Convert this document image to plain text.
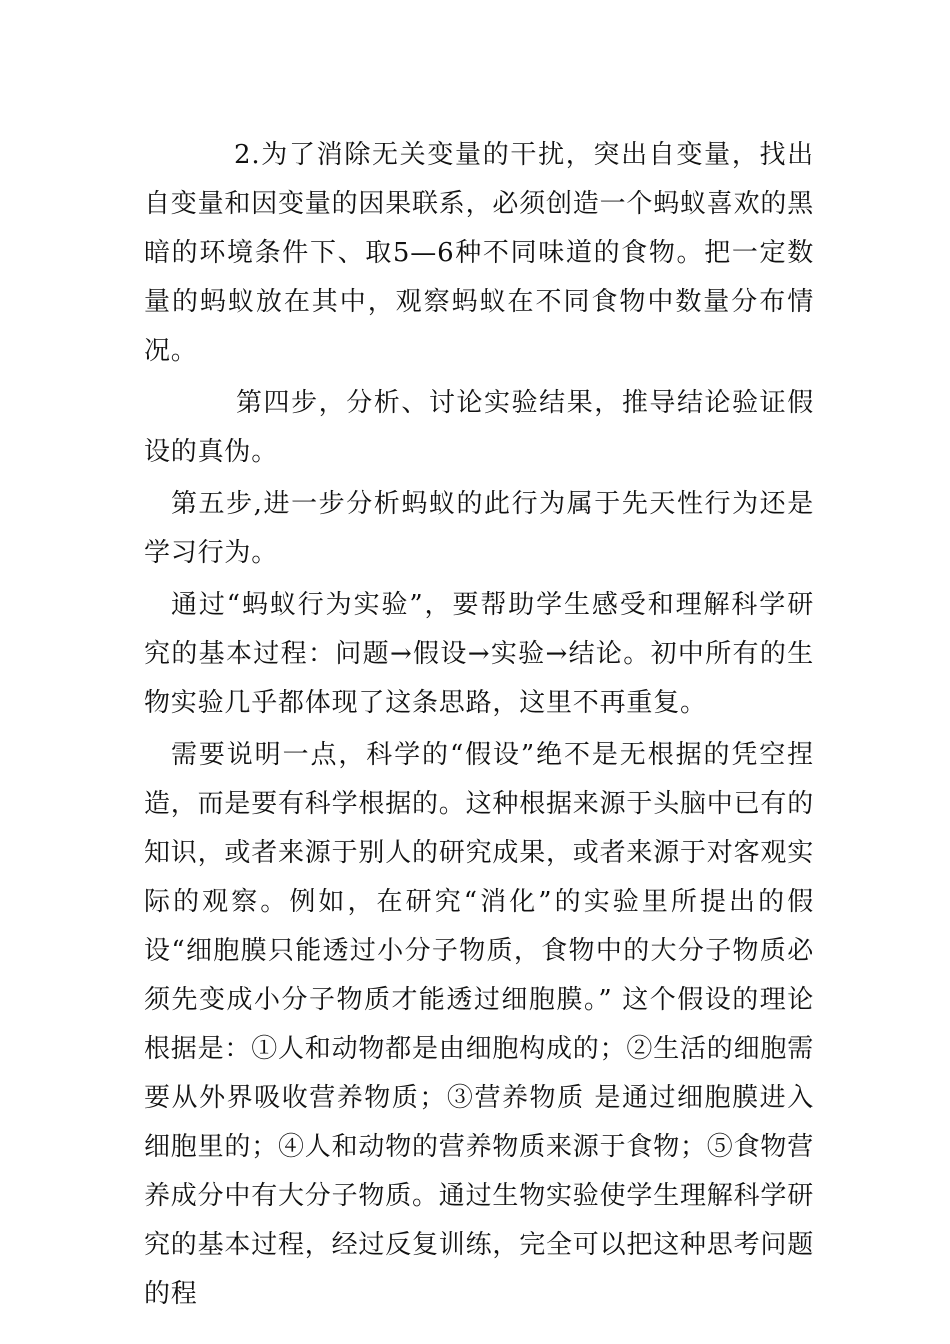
2.为了消除无关变量的干扰，突出自变量，找出自变量和因变量的因果联系，必须创造一个蚂蚁喜欢的黑暗的环境条件下、取5—6种不同味道的食物。把一定数量的蚂蚁放在其中，观察蚂蚁在不同食物中数量分布情况。

第四步，分析、讨论实验结果，推导结论验证假设的真伪。

第五步,进一步分析蚂蚁的此行为属于先天性行为还是学习行为。

通过“蚂蚁行为实验”，要帮助学生感受和理解科学研究的基本过程：问题→假设→实验→结论。初中所有的生物实验几乎都体现了这条思路，这里不再重复。

需要说明一点，科学的“假设”绝不是无根据的凭空捏造，而是要有科学根据的。这种根据来源于头脑中已有的知识，或者来源于别人的研究成果，或者来源于对客观实际的观察。例如，在研究“消化”的实验里所提出的假设“细胞膜只能透过小分子物质，食物中的大分子物质必须先变成小分子物质才能透过细胞膜。” 这个假设的理论根据是：①人和动物都是由细胞构成的；②生活的细胞需要从外界吸收营养物质；③营养物质 是通过细胞膜进入细胞里的；④人和动物的营养物质来源于食物；⑤食物营养成分中有大分子物质。通过生物实验使学生理解科学研究的基本过程，经过反复训练，完全可以把这种思考问题的程
